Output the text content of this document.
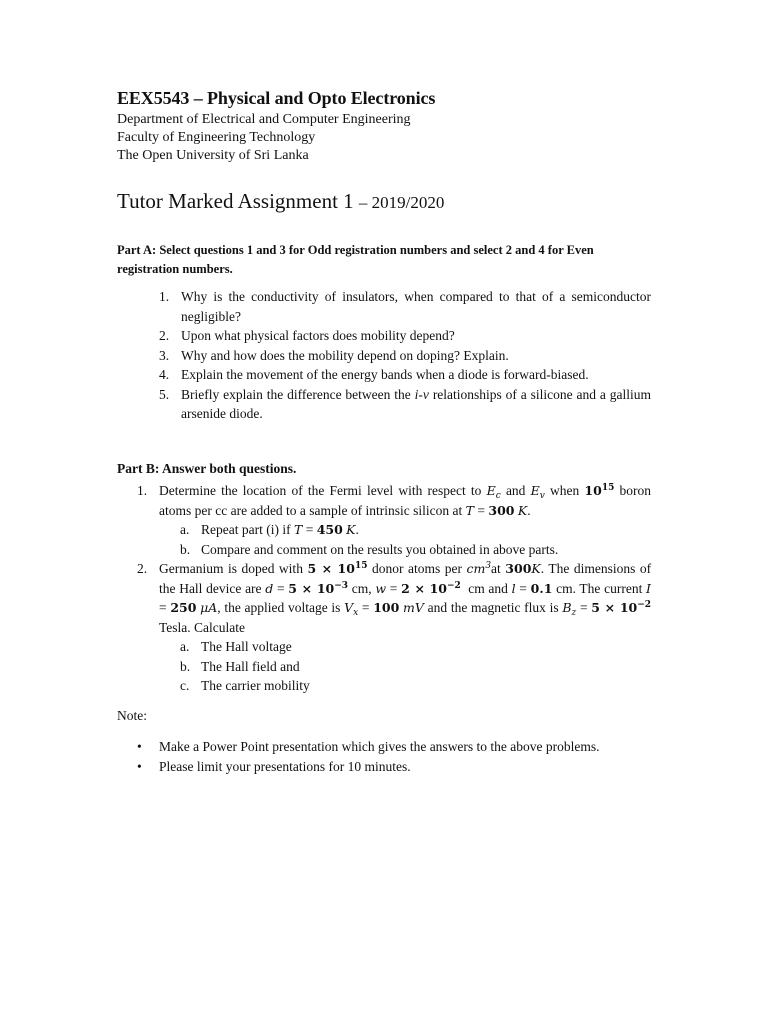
EEX5543 – Physical and Opto Electronics
Department of Electrical and Computer Engineering
Faculty of Engineering Technology
The Open University of Sri Lanka
Tutor Marked Assignment 1 – 2019/2020
Part A: Select questions 1 and 3 for Odd registration numbers and select 2 and 4 for Even registration numbers.
1. Why is the conductivity of insulators, when compared to that of a semiconductor negligible?
2. Upon what physical factors does mobility depend?
3. Why and how does the mobility depend on doping? Explain.
4. Explain the movement of the energy bands when a diode is forward-biased.
5. Briefly explain the difference between the i-v relationships of a silicone and a gallium arsenide diode.
Part B: Answer both questions.
1. Determine the location of the Fermi level with respect to $E_c$ and $E_v$ when $10^{15}$ boron atoms per cc are added to a sample of intrinsic silicon at T = 300 K.
a. Repeat part (i) if T = 450 K.
b. Compare and comment on the results you obtained in above parts.
2. Germanium is doped with $5 \times 10^{15}$ donor atoms per $cm^3at$ 300K. The dimensions of the Hall device are $d = 5 \times 10^{-3}$ cm, $w = 2 \times 10^{-2}$ cm and l = 0.1 cm. The current I = 250 μA, the applied voltage is $V_x = 100$ mV and the magnetic flux is $B_z = 5 \times 10^{-2}$ Tesla. Calculate
a. The Hall voltage
b. The Hall field and
c. The carrier mobility
Note:
• Make a Power Point presentation which gives the answers to the above problems.
• Please limit your presentations for 10 minutes.
